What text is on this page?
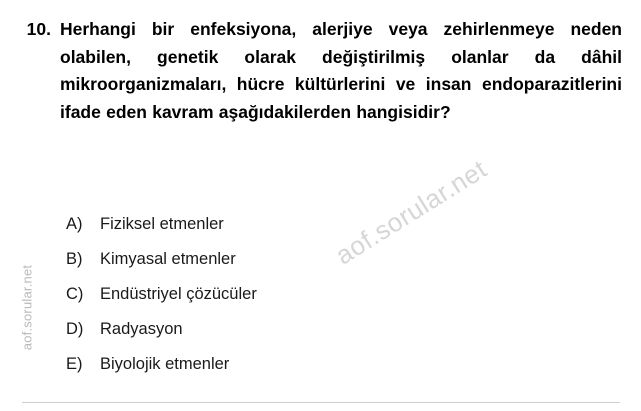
aof.sorular.net
10. Herhangi bir enfeksiyona, alerjiye veya zehirlenmeye neden olabilen, genetik olarak değiştirilmiş olanlar da dâhil mikroorganizmaları, hücre kültürlerini ve insan endoparazitlerini ifade eden kavram aşağıdakilerden hangisidir?
A)	Fiziksel etmenler
B)	Kimyasal etmenler
C)	Endüstriyel çözücüler
D)	Radyasyon
E)	Biyolojik etmenler
aof.sorular.net
